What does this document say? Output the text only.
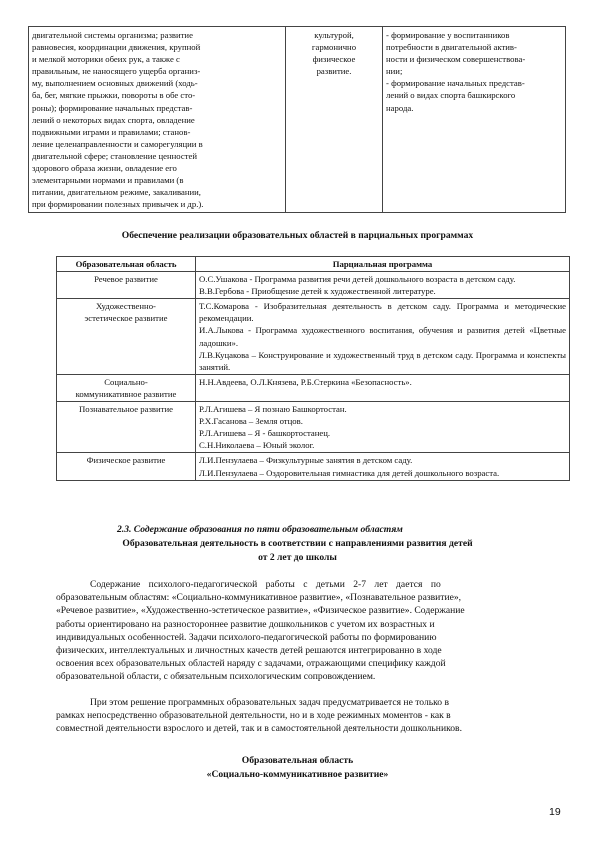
двигательной системы организма; развитие
равновесия, координации движения, крупной
и мелкой моторики обеих рук, а также с
правильным, не наносящего ущерба организ-
му, выполнением основных движений (ходь-
ба, бег, мягкие прыжки, повороты в обе сто-
роны); формирование начальных представ-
лений о некоторых видах спорта, овладение
подвижными играми и правилами; станов-
ление целенаправленности и саморегуляции в
двигательной сфере; становление ценностей
здорового образа жизни, овладение его
элементарными нормами и правилами (в
питании, двигательном режиме, закаливании,
при формировании полезных привычек и др.).

культурой,
гармонично
физическое
развитие.

- формирование у воспитанников
потребности в двигательной актив-
ности и физическом совершенствова-
нии;
- формирование начальных представ-
лений о видах спорта башкирского
народа.
Обеспечение реализации образовательных областей в парциальных программах
Образовательная область	Парциальная программа

Речевое развитие	О.С.Ушакова - Программа развития речи детей дошкольного возраста в детском саду.
В.В.Гербова - Приобщение детей к художественной литературе.

Художественно-
эстетическое развитие	Т.С.Комарова - Изобразительная деятельность в детском саду. Программа и методические рекомендации.
И.А.Лыкова - Программа художественного воспитания, обучения и развития детей «Цветные ладошки».
Л.В.Куцакова – Конструирование и художественный труд в детском саду. Программа и конспекты занятий.

Социально-
коммуникативное развитие	Н.Н.Авдеева, О.Л.Князева, Р.Б.Стеркина «Безопасность».

Познавательное развитие	Р.Л.Агишева – Я познаю Башкортостан.
Р.Х.Гасанова – Земля отцов.
Р.Л.Агишева – Я - башкортостанец.
С.Н.Николаева – Юный эколог.

Физическое развитие	Л.И.Пензулаева – Физкультурные занятия в детском саду.
Л.И.Пензулаева – Оздоровительная гимнастика для детей дошкольного возраста.
2.3. Содержание образования по пяти образовательным областям
Образовательная деятельность в соответствии с направлениями развития детей
от 2 лет до школы
Содержание психолого-педагогической работы с детьми 2-7 лет дается по
образовательным областям: «Социально-коммуникативное развитие», «Познавательное развитие»,
«Речевое развитие», «Художественно-эстетическое развитие», «Физическое развитие». Содержание
работы ориентировано на разностороннее развитие дошкольников с учетом их возрастных и
индивидуальных особенностей. Задачи психолого-педагогической работы по формированию
физических, интеллектуальных и личностных качеств детей решаются интегрированно в ходе
освоения всех образовательных областей наряду с задачами, отражающими специфику каждой
образовательной области, с обязательным психологическим сопровождением.
При этом решение программных образовательных задач предусматривается не только в
рамках непосредственно образовательной деятельности, но и в ходе режимных моментов - как в
совместной деятельности взрослого и детей, так и в самостоятельной деятельности дошкольников.
Образовательная область
«Социально-коммуникативное развитие»
19
